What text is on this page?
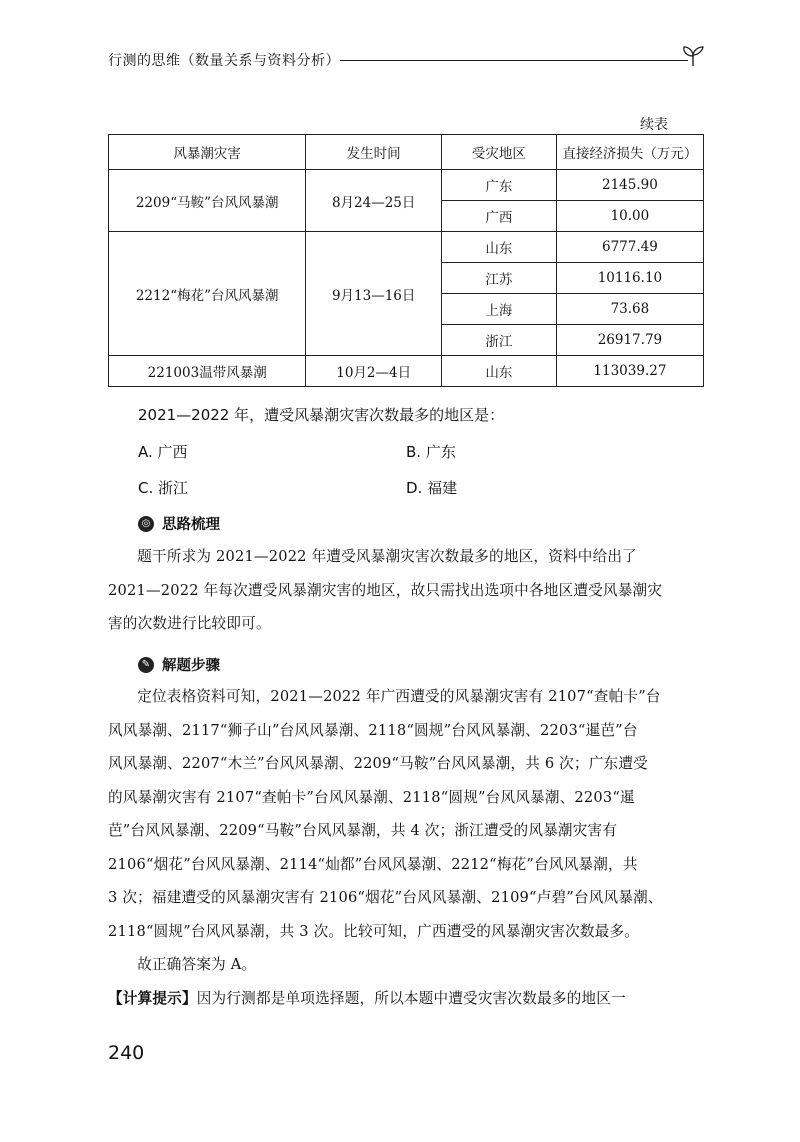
行测的思维（数量关系与资料分析）
续表
风暴潮灾害	发生时间	受灾地区	直接经济损失（万元）
2209“马鞍”台风风暴潮	8月24—25日	广东	2145.90
		广西	10.00
2212“梅花”台风风暴潮	9月13—16日	山东	6777.49
		江苏	10116.10
		上海	73.68
		浙江	26917.79
221003温带风暴潮	10月2—4日	山东	113039.27
2021—2022 年，遭受风暴潮灾害次数最多的地区是：
A. 广西	B. 广东
C. 浙江	D. 福建
◎ 思路梳理
题干所求为 2021—2022 年遭受风暴潮灾害次数最多的地区，资料中给出了
2021—2022 年每次遭受风暴潮灾害的地区，故只需找出选项中各地区遭受风暴潮灾
害的次数进行比较即可。
✎ 解题步骤
定位表格资料可知，2021—2022 年广西遭受的风暴潮灾害有 2107“查帕卡”台
风风暴潮、2117“狮子山”台风风暴潮、2118“圆规”台风风暴潮、2203“暹芭”台
风风暴潮、2207“木兰”台风风暴潮、2209“马鞍”台风风暴潮，共 6 次；广东遭受
的风暴潮灾害有 2107“查帕卡”台风风暴潮、2118“圆规”台风风暴潮、2203“暹
芭”台风风暴潮、2209“马鞍”台风风暴潮，共 4 次；浙江遭受的风暴潮灾害有
2106“烟花”台风风暴潮、2114“灿都”台风风暴潮、2212“梅花”台风风暴潮，共
3 次；福建遭受的风暴潮灾害有 2106“烟花”台风风暴潮、2109“卢碧”台风风暴潮、
2118“圆规”台风风暴潮，共 3 次。比较可知，广西遭受的风暴潮灾害次数最多。
故正确答案为 A。
【计算提示】因为行测都是单项选择题，所以本题中遭受灾害次数最多的地区一
240
